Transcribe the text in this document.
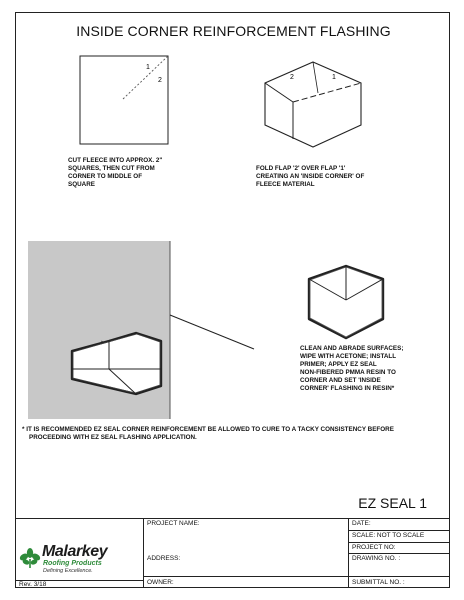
INSIDE CORNER REINFORCEMENT FLASHING
1
2
CUT FLEECE INTO APPROX. 2"
SQUARES, THEN CUT FROM
CORNER TO MIDDLE OF
SQUARE
2	1
FOLD FLAP '2' OVER FLAP '1'
CREATING AN 'INSIDE CORNER' OF
FLEECE MATERIAL
CLEAN AND ABRADE SURFACES;
WIPE WITH ACETONE; INSTALL
PRIMER; APPLY EZ SEAL
NON-FIBERED PMMA RESIN TO
CORNER AND SET 'INSIDE
CORNER' FLASHING IN RESIN*
* IT IS RECOMMENDED EZ SEAL CORNER REINFORCEMENT BE ALLOWED TO CURE TO A TACKY CONSISTENCY BEFORE
PROCEEDING WITH EZ SEAL FLASHING APPLICATION.
EZ SEAL 1
PROJECT NAME:
ADDRESS:
OWNER:
DATE:
SCALE: NOT TO SCALE
PROJECT NO:
DRAWING NO. :
SUBMITTAL NO. :
Malarkey
Roofing Products
Defining Excellence.
Rev. 3/18
